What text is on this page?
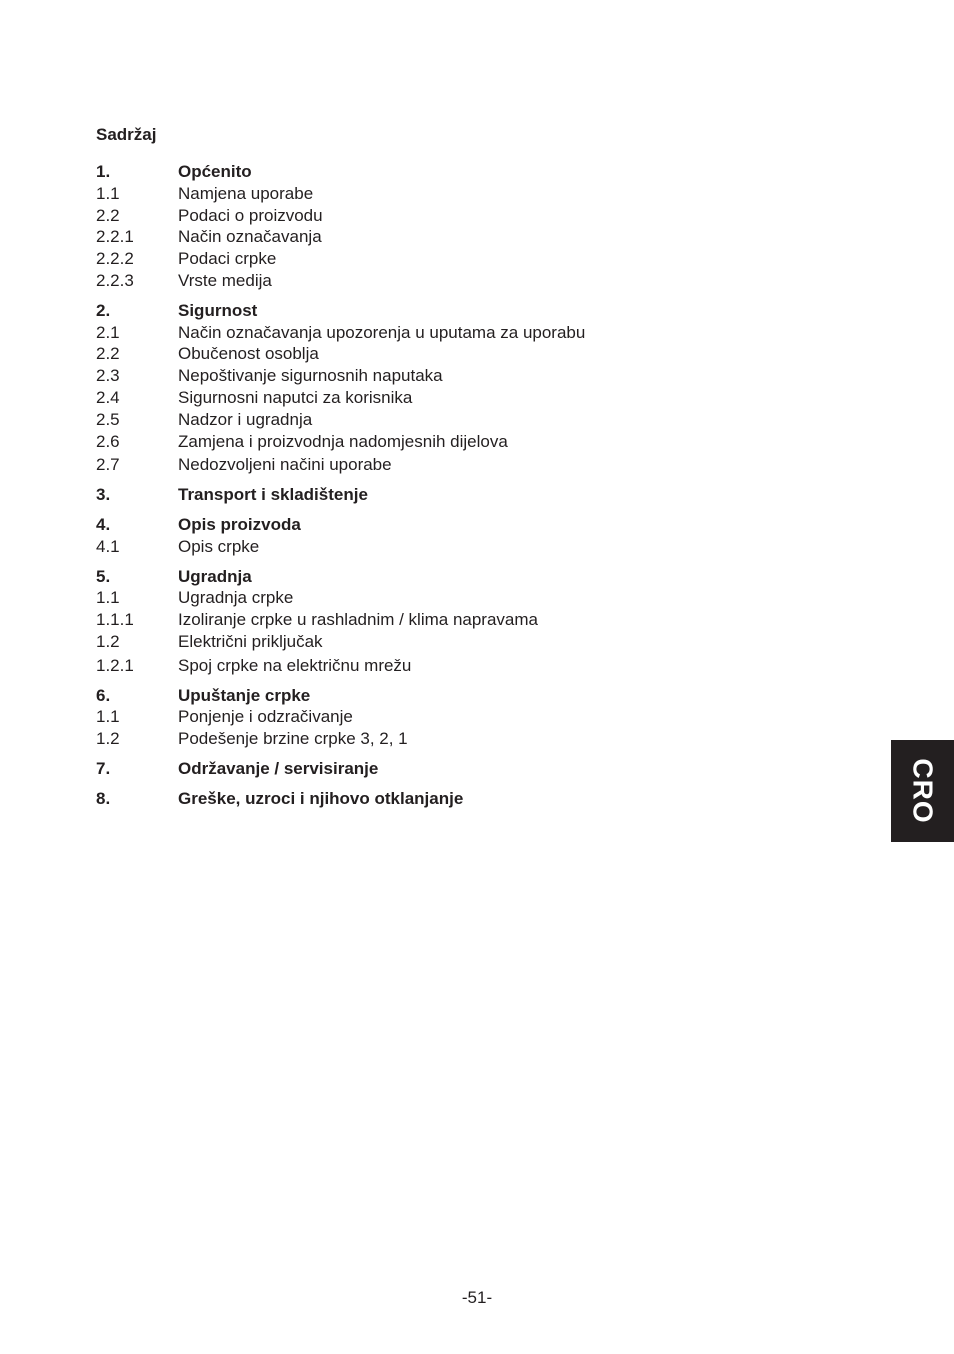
Sadržaj
1.	Općenito
1.1	Namjena uporabe
2.2	Podaci o proizvodu
2.2.1	Način označavanja
2.2.2	Podaci crpke
2.2.3	Vrste medija
2.	Sigurnost
2.1	Način označavanja upozorenja u uputama za uporabu
2.2	Obučenost osoblja
2.3	Nepoštivanje sigurnosnih naputaka
2.4	Sigurnosni naputci za korisnika
2.5	Nadzor i ugradnja
2.6	Zamjena i proizvodnja nadomjesnih dijelova
2.7	Nedozvoljeni načini uporabe
3.	Transport i skladištenje
4.	Opis proizvoda
4.1	Opis crpke
5.	Ugradnja
1.1	Ugradnja crpke
1.1.1	Izoliranje crpke u rashladnim / klima napravama
1.2	Električni priključak
1.2.1	Spoj crpke na električnu mrežu
6.	Upuštanje crpke
1.1	Ponjenje i odzračivanje
1.2	Podešenje brzine crpke 3, 2, 1
7.	Održavanje / servisiranje
8.	Greške, uzroci i njihovo otklanjanje	CRO
-51-
